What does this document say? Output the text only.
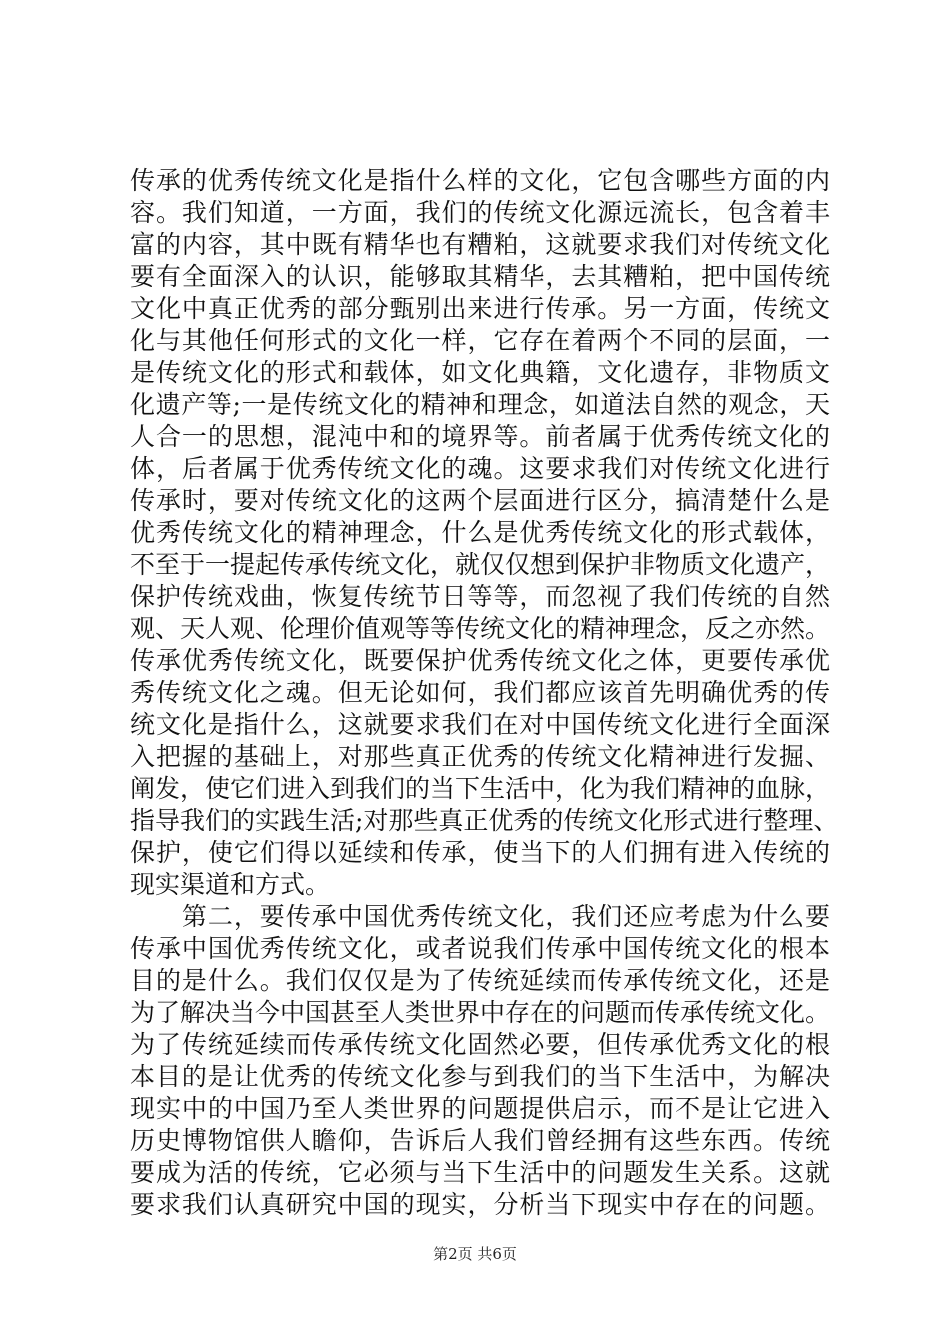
传承的优秀传统文化是指什么样的文化，它包含哪些方面的内
容。我们知道，一方面，我们的传统文化源远流长，包含着丰
富的内容，其中既有精华也有糟粕，这就要求我们对传统文化
要有全面深入的认识，能够取其精华，去其糟粕，把中国传统
文化中真正优秀的部分甄别出来进行传承。另一方面，传统文
化与其他任何形式的文化一样，它存在着两个不同的层面，一
是传统文化的形式和载体，如文化典籍，文化遗存，非物质文
化遗产等;一是传统文化的精神和理念，如道法自然的观念，天
人合一的思想，混沌中和的境界等。前者属于优秀传统文化的
体，后者属于优秀传统文化的魂。这要求我们对传统文化进行
传承时，要对传统文化的这两个层面进行区分，搞清楚什么是
优秀传统文化的精神理念，什么是优秀传统文化的形式载体，
不至于一提起传承传统文化，就仅仅想到保护非物质文化遗产，
保护传统戏曲，恢复传统节日等等，而忽视了我们传统的自然
观、天人观、伦理价值观等等传统文化的精神理念，反之亦然。
传承优秀传统文化，既要保护优秀传统文化之体，更要传承优
秀传统文化之魂。但无论如何，我们都应该首先明确优秀的传
统文化是指什么，这就要求我们在对中国传统文化进行全面深
入把握的基础上，对那些真正优秀的传统文化精神进行发掘、
阐发，使它们进入到我们的当下生活中，化为我们精神的血脉，
指导我们的实践生活;对那些真正优秀的传统文化形式进行整理、
保护，使它们得以延续和传承，使当下的人们拥有进入传统的
现实渠道和方式。
　　第二，要传承中国优秀传统文化，我们还应考虑为什么要
传承中国优秀传统文化，或者说我们传承中国传统文化的根本
目的是什么。我们仅仅是为了传统延续而传承传统文化，还是
为了解决当今中国甚至人类世界中存在的问题而传承传统文化。
为了传统延续而传承传统文化固然必要，但传承优秀文化的根
本目的是让优秀的传统文化参与到我们的当下生活中，为解决
现实中的中国乃至人类世界的问题提供启示，而不是让它进入
历史博物馆供人瞻仰，告诉后人我们曾经拥有这些东西。传统
要成为活的传统，它必须与当下生活中的问题发生关系。这就
要求我们认真研究中国的现实，分析当下现实中存在的问题。
第2页 共6页
